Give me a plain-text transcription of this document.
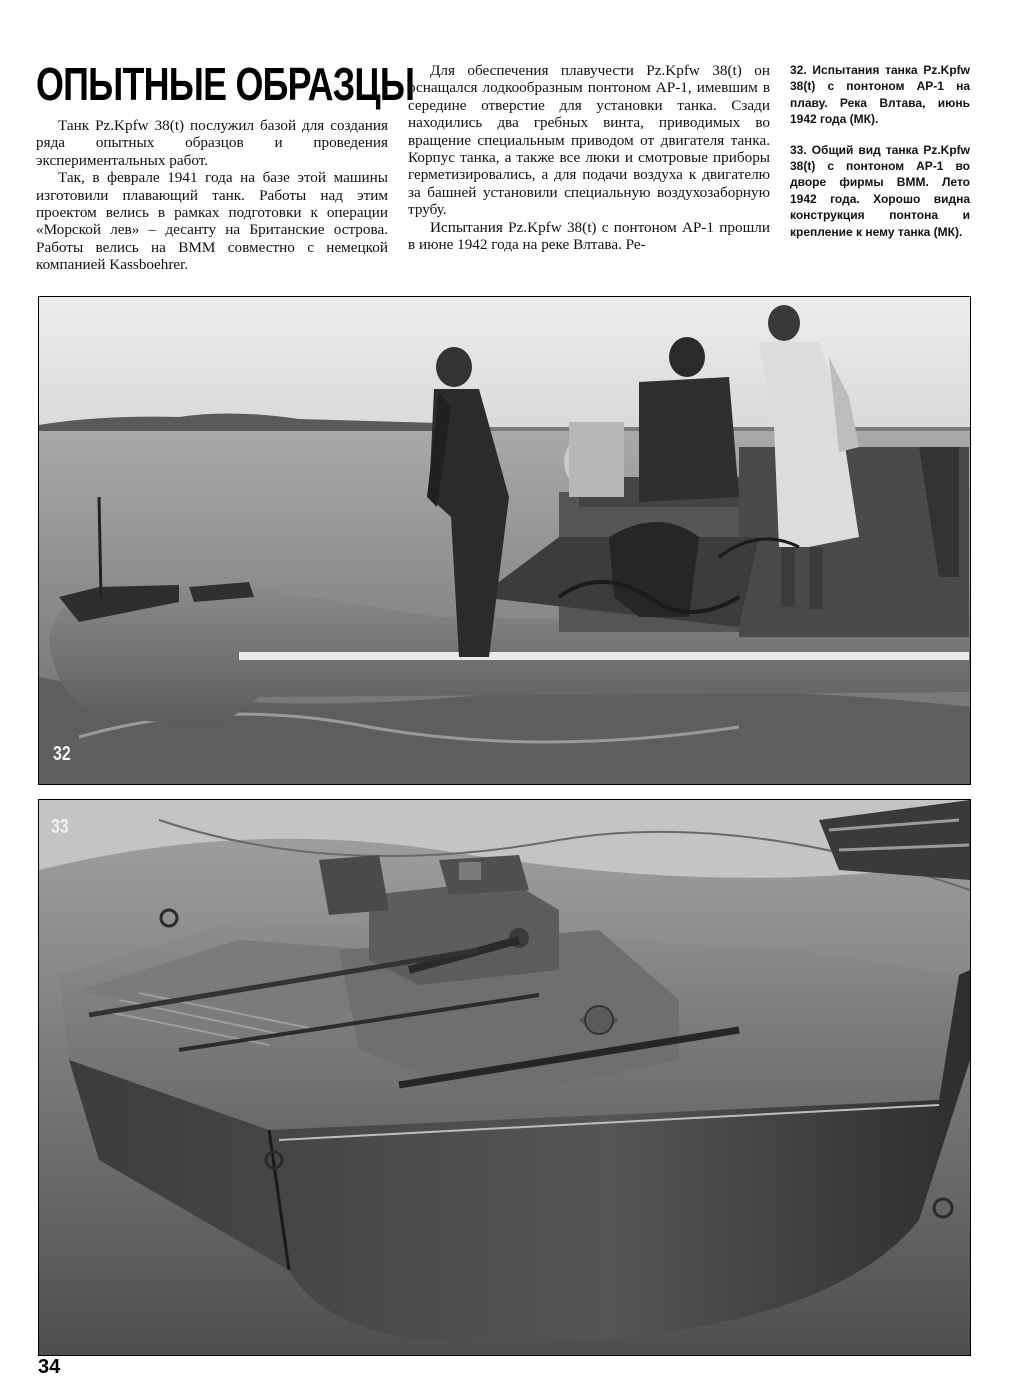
ОПЫТНЫЕ ОБРАЗЦЫ

Танк Pz.Kpfw 38(t) послужил базой для создания ряда опытных образцов и проведения экспериментальных работ.

Так, в феврале 1941 года на базе этой машины изготовили плавающий танк. Работы над этим проектом велись в рамках подготовки к операции «Морской лев» – десанту на Британские острова. Работы велись на ВММ совместно с немецкой компанией Kassboehrer.

Для обеспечения плавучести Pz.Kpfw 38(t) он оснащался лодкообразным понтоном АР-1, имевшим в середине отверстие для установки танка. Сзади находились два гребных винта, приводимых во вращение специальным приводом от двигателя танка. Корпус танка, а также все люки и смотровые приборы герметизировались, а для подачи воздуха к двигателю за башней установили специальную воздухозаборную трубу.

Испытания Pz.Kpfw 38(t) с понтоном АР-1 прошли в июне 1942 года на реке Влтава. Ре-

32. Испытания танка Pz.Kpfw 38(t) с понтоном АР-1 на плаву. Река Влтава, июнь 1942 года (МК).

33. Общий вид танка Pz.Kpfw 38(t) с понтоном АР-1 во дворе фирмы ВММ. Лето 1942 года. Хорошо видна конструкция понтона и крепление к нему танка (МК).

32
33
34
